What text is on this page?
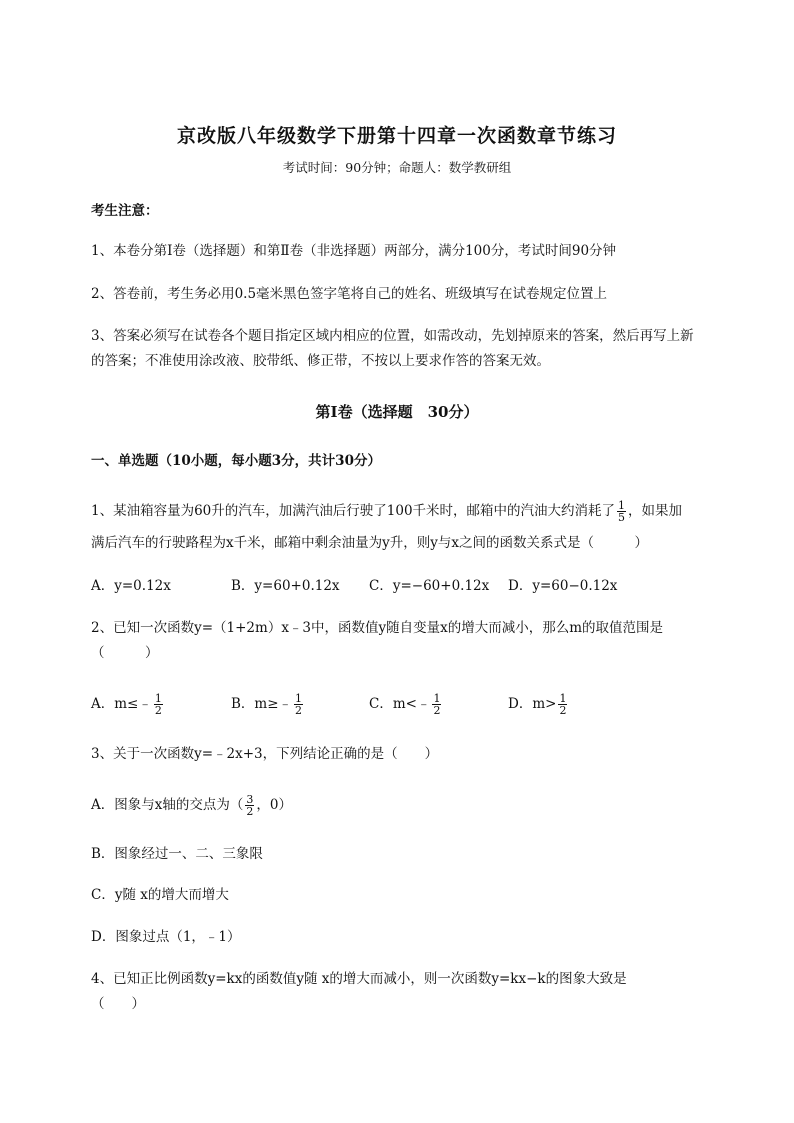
京改版八年级数学下册第十四章一次函数章节练习
考试时间：90分钟；命题人：数学教研组
考生注意：
1、本卷分第I卷（选择题）和第Ⅱ卷（非选择题）两部分，满分100分，考试时间90分钟
2、答卷前，考生务必用0.5毫米黑色签字笔将自己的姓名、班级填写在试卷规定位置上
3、答案必须写在试卷各个题目指定区域内相应的位置，如需改动，先划掉原来的答案，然后再写上新
的答案；不准使用涂改液、胶带纸、修正带，不按以上要求作答的答案无效。
第I卷（选择题　30分）
一、单选题（10小题，每小题3分，共计30分）
1、某油箱容量为60升的汽车，加满汽油后行驶了100千米时，邮箱中的汽油大约消耗了 $\frac{1}{5}$ ，如果加
满后汽车的行驶路程为x千米，邮箱中剩余油量为y升，则y与x之间的函数关系式是（　　　）
A．y=0.12x	B．y=60+0.12x C．y=−60+0.12x D．y=60−0.12x
2、已知一次函数y=（1+2m）x﹣3中，函数值y随自变量x的增大而减小，那么m的取值范围是
（　　　）
A．m≤﹣ $\frac{1}{2}$	B．m≥﹣ $\frac{1}{2}$	C．m<﹣ $\frac{1}{2}$	D．$m> \frac{1}{2}$
3、关于一次函数y=﹣2x+3，下列结论正确的是（　　）
A．图象与x轴的交点为（ $\frac{3}{2}$ ，0）
B．图象经过一、二、三象限
C．y随 x的增大而增大
D．图象过点（1，﹣1）
4、已知正比例函数y=kx的函数值y随 x的增大而减小，则一次函数y=kx−k的图象大致是
（　　）
